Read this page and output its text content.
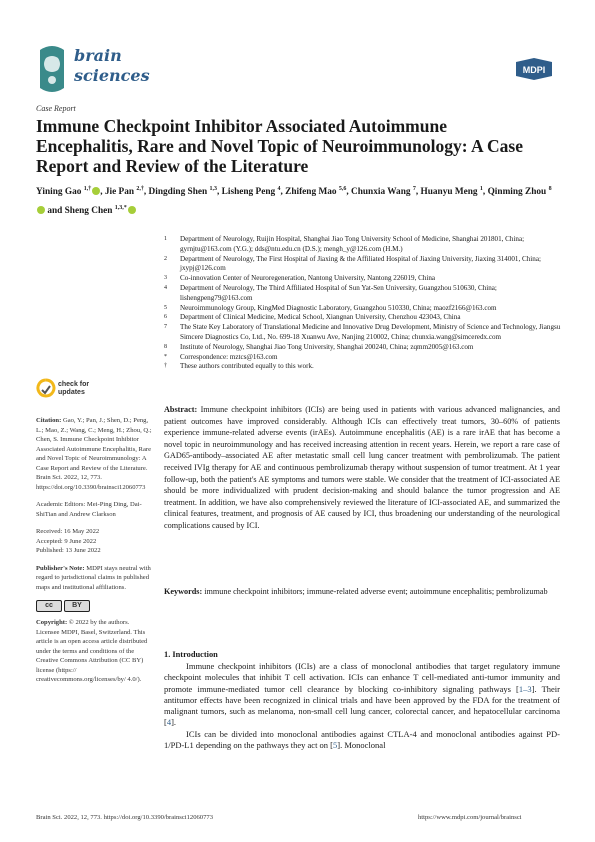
brain
sciences	MDPI
Case Report
Immune Checkpoint Inhibitor Associated Autoimmune Encephalitis, Rare and Novel Topic of Neuroimmunology: A Case Report and Review of the Literature
Yining Gao $^{1,\dagger}$ , Jie Pan $^{2,\dagger}$, Dingding Shen $^{1,3}$, Lisheng Peng $^4$, Zhifeng Mao $^{5,6}$, Chunxia Wang $^7$, Huanyu Meng $^1$, Qinming Zhou $^8$ and Sheng Chen $^{1,3,*}$
1 Department of Neurology, Ruijin Hospital, Shanghai Jiao Tong University School of Medicine, Shanghai 201801, China; gyrnjtu@163.com (Y.G.); dds@ntu.edu.cn (D.S.); mengh_y@126.com (H.M.)
2 Department of Neurology, The First Hospital of Jiaxing & the Affiliated Hospital of Jiaxing University, Jiaxing 314001, China; jxypj@126.com
3 Co-innovation Center of Neuroregeneration, Nantong University, Nantong 226019, China
4 Department of Neurology, The Third Affiliated Hospital of Sun Yat-Sen University, Guangzhou 510630, China; lishengpeng79@163.com
5 Neuroimmunology Group, KingMed Diagnostic Laboratory, Guangzhou 510330, China; maozf2166@163.com
6 Department of Clinical Medicine, Medical School, Xiangnan University, Chenzhou 423043, China
7 The State Key Laboratory of Translational Medicine and Innovative Drug Development, Ministry of Science and Technology, Jiangsu Simcere Diagnostics Co, Ltd., No. 699-18 Xuanwu Ave, Nanjing 210002, China; chunxia.wang@simceredx.com
8 Institute of Neurology, Shanghai Jiao Tong University, Shanghai 200240, China; zqmm2005@163.com
* Correspondence: mztcs@163.com
† These authors contributed equally to this work.
check for
updates
Citation: Gao, Y.; Pan, J.; Shen, D.; Peng, L.; Mao, Z.; Wang, C.; Meng, H.; Zhou, Q.; Chen, S. Immune Checkpoint Inhibitor Associated Autoimmune Encephalitis, Rare and Novel Topic of Neuroimmunology: A Case Report and Review of the Literature. Brain Sci. 2022, 12, 773. https://doi.org/10.3390/brainsci12060773
Academic Editors: Mei-Ping Ding, Dai-ShiTian and Andrew Clarkson
Received: 16 May 2022
Accepted: 9 June 2022
Published: 13 June 2022
Publisher's Note: MDPI stays neutral with regard to jurisdictional claims in published maps and institutional affiliations.
cc	BY
Copyright: © 2022 by the authors. Licensee MDPI, Basel, Switzerland. This article is an open access article distributed under the terms and conditions of the Creative Commons Attribution (CC BY) license (https:// creativecommons.org/licenses/by/ 4.0/).
Abstract: Immune checkpoint inhibitors (ICIs) are being used in patients with various advanced malignancies, and patient outcomes have improved considerably. Although ICIs can effectively treat tumors, 30–60% of patients experience immune-related adverse events (irAEs). Autoimmune encephalitis (AE) is a rare irAE that has become a novel topic in neuroimmunology and has received increasing attention in recent years. Herein, we report a rare case of GAD65-antibody–associated AE after metastatic small cell lung cancer treatment with pembrolizumab. The patient received IVIg therapy for AE and continuous pembrolizumab therapy without suspension of tumor treatment. At 1 year follow-up, both the patient's AE symptoms and tumors were stable. We consider that the treatment of ICI-associated AE should be more individualized with prudent decision-making and should balance the tumor progression and AE treatment. In addition, we have also comprehensively reviewed the literature of ICI-associated AE, and summarized the clinical features, treatment, and prognosis of AE caused by ICI, thus broadening our understanding of the neurological complications caused by ICI.
Keywords: immune checkpoint inhibitors; immune-related adverse event; autoimmune encephalitis; pembrolizumab
1. Introduction

Immune checkpoint inhibitors (ICIs) are a class of monoclonal antibodies that target regulatory immune checkpoint molecules that inhibit T cell activation. ICIs can enhance T cell-mediated anti-tumor immunity and promote immune-mediated tumor cell clearance by blocking co-inhibitory signaling pathways [1–3]. Their antitumor effects have been recognized in clinical trials and have been approved by the FDA for the treatment of malignant tumors, such as melanoma, non-small cell lung cancer, colorectal cancer, and hepatocellular carcinoma [4].

ICIs can be divided into monoclonal antibodies against CTLA-4 and monoclonal antibodies against PD-1/PD-L1 depending on the pathways they act on [5]. Monoclonal

Brain Sci. 2022, 12, 773. https://doi.org/10.3390/brainsci12060773	https://www.mdpi.com/journal/brainsci
